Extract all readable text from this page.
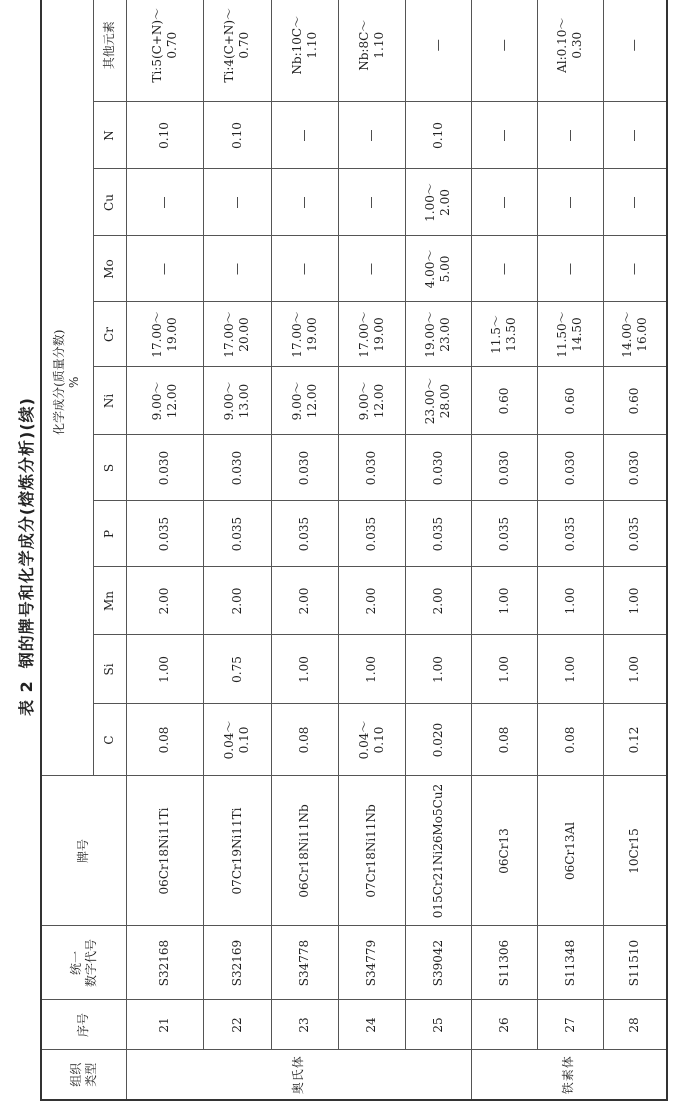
表 2钢的牌号和化学成分(熔炼分析)(续)
组织
类型	序号	统一
数字代号	牌号	化学成分(质量分数)
%										
				C	Si	Mn	P	S	Ni	Cr	Mo	Cu	N	其他元素
奥氏体	21	S32168	06Cr18Ni11Ti	0.08	1.00	2.00	0.035	0.030	9.00～
12.00	17.00～
19.00	—	—	0.10	Ti:5(C+N)～
0.70
	22	S32169	07Cr19Ni11Ti	0.04～
0.10	0.75	2.00	0.035	0.030	9.00～
13.00	17.00～
20.00	—	—	0.10	Ti:4(C+N)～
0.70
	23	S34778	06Cr18Ni11Nb	0.08	1.00	2.00	0.035	0.030	9.00～
12.00	17.00～
19.00	—	—	—	Nb:10C～
1.10
	24	S34779	07Cr18Ni11Nb	0.04～
0.10	1.00	2.00	0.035	0.030	9.00～
12.00	17.00～
19.00	—	—	—	Nb:8C～
1.10
	25	S39042	015Cr21Ni26Mo5Cu2	0.020	1.00	2.00	0.035	0.030	23.00～
28.00	19.00～
23.00	4.00～
5.00	1.00～
2.00	0.10	—
铁素体	26	S11306	06Cr13	0.08	1.00	1.00	0.035	0.030	0.60	11.5～
13.50	—	—	—	—
	27	S11348	06Cr13Al	0.08	1.00	1.00	0.035	0.030	0.60	11.50～
14.50	—	—	—	Al:0.10～
0.30
	28	S11510	10Cr15	0.12	1.00	1.00	0.035	0.030	0.60	14.00～
16.00	—	—	—	—
